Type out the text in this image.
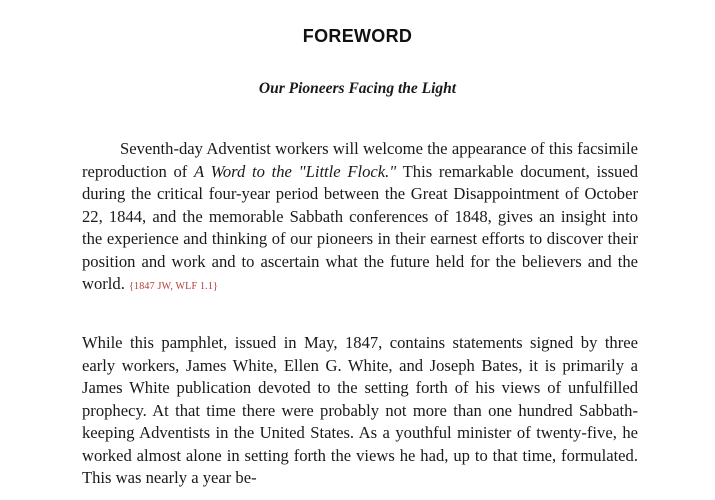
FOREWORD
Our Pioneers Facing the Light

Seventh-day Adventist workers will welcome the appearance of this facsimile reproduction of A Word to the "Little Flock." This remarkable document, issued during the critical four-year period between the Great Disappointment of October 22, 1844, and the memorable Sabbath conferences of 1848, gives an insight into the experience and thinking of our pioneers in their earnest efforts to discover their position and work and to ascertain what the future held for the believers and the world. {1847 JW, WLF 1.1}

While this pamphlet, issued in May, 1847, contains statements signed by three early workers, James White, Ellen G. White, and Joseph Bates, it is primarily a James White publication devoted to the setting forth of his views of unfulfilled prophecy. At that time there were probably not more than one hundred Sabbath-keeping Adventists in the United States. As a youthful minister of twenty-five, he worked almost alone in setting forth the views he had, up to that time, formulated. This was nearly a year be-
